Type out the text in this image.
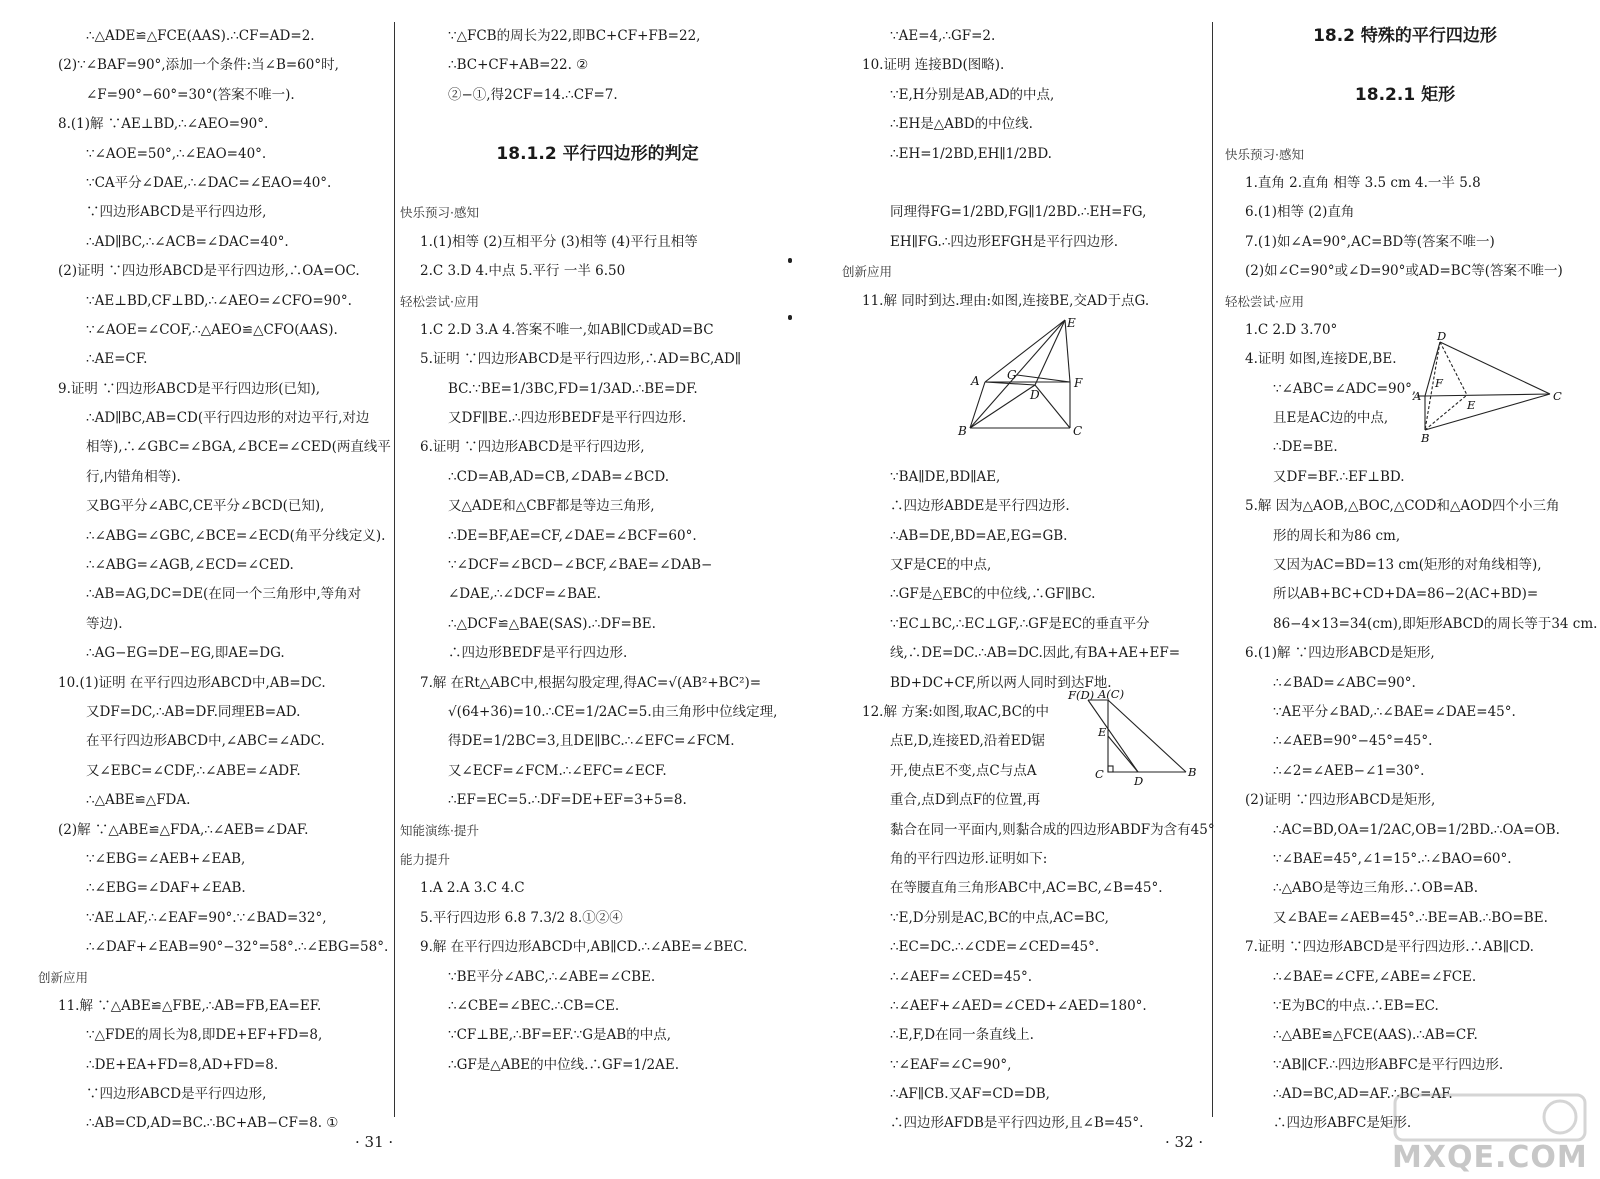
∴△ADE≌△FCE(AAS).∴CF=AD=2.
(2)∵∠BAF=90°,添加一个条件:当∠B=60°时,
∠F=90°−60°=30°(答案不唯一).
8.(1)解 ∵AE⊥BD,∴∠AEO=90°.
∵∠AOE=50°,∴∠EAO=40°.
∵CA平分∠DAE,∴∠DAC=∠EAO=40°.
∵四边形ABCD是平行四边形,
∴AD∥BC,∴∠ACB=∠DAC=40°.
(2)证明 ∵四边形ABCD是平行四边形,∴OA=OC.
∵AE⊥BD,CF⊥BD,∴∠AEO=∠CFO=90°.
∵∠AOE=∠COF,∴△AEO≌△CFO(AAS).
∴AE=CF.
9.证明 ∵四边形ABCD是平行四边形(已知),
∴AD∥BC,AB=CD(平行四边形的对边平行,对边
相等),∴∠GBC=∠BGA,∠BCE=∠CED(两直线平
行,内错角相等).
又BG平分∠ABC,CE平分∠BCD(已知),
∴∠ABG=∠GBC,∠BCE=∠ECD(角平分线定义).
∴∠ABG=∠AGB,∠ECD=∠CED.
∴AB=AG,DC=DE(在同一个三角形中,等角对
等边).
∴AG−EG=DE−EG,即AE=DG.
10.(1)证明 在平行四边形ABCD中,AB=DC.
又DF=DC,∴AB=DF.同理EB=AD.
在平行四边形ABCD中,∠ABC=∠ADC.
又∠EBC=∠CDF,∴∠ABE=∠ADF.
∴△ABE≌△FDA.
(2)解 ∵△ABE≌△FDA,∴∠AEB=∠DAF.
∵∠EBG=∠AEB+∠EAB,
∴∠EBG=∠DAF+∠EAB.
∵AE⊥AF,∴∠EAF=90°.∵∠BAD=32°,
∴∠DAF+∠EAB=90°−32°=58°.∴∠EBG=58°.
创新应用
11.解 ∵△ABE≌△FBE,∴AB=FB,EA=EF.
∵△FDE的周长为8,即DE+EF+FD=8,
∴DE+EA+FD=8,AD+FD=8.
∵四边形ABCD是平行四边形,
∴AB=CD,AD=BC.∴BC+AB−CF=8. ①
∵△FCB的周长为22,即BC+CF+FB=22,
∴BC+CF+AB=22. ②
②−①,得2CF=14.∴CF=7.
18.1.2 平行四边形的判定
快乐预习·感知
1.(1)相等 (2)互相平分 (3)相等 (4)平行且相等
2.C 3.D 4.中点 5.平行 一半 6.50
轻松尝试·应用
1.C 2.D 3.A 4.答案不唯一,如AB∥CD或AD=BC
5.证明 ∵四边形ABCD是平行四边形,∴AD=BC,AD∥
BC.∵BE=1/3BC,FD=1/3AD.∴BE=DF.
又DF∥BE.∴四边形BEDF是平行四边形.
6.证明 ∵四边形ABCD是平行四边形,
∴CD=AB,AD=CB,∠DAB=∠BCD.
又△ADE和△CBF都是等边三角形,
∴DE=BF,AE=CF,∠DAE=∠BCF=60°.
∵∠DCF=∠BCD−∠BCF,∠BAE=∠DAB−
∠DAE,∴∠DCF=∠BAE.
∴△DCF≌△BAE(SAS).∴DF=BE.
∴四边形BEDF是平行四边形.
7.解 在Rt△ABC中,根据勾股定理,得AC=√(AB²+BC²)=
√(64+36)=10.∴CE=1/2AC=5.由三角形中位线定理,
得DE=1/2BC=3,且DE∥BC.∴∠EFC=∠FCM.
又∠ECF=∠FCM.∴∠EFC=∠ECF.
∴EF=EC=5.∴DF=DE+EF=3+5=8.
知能演练·提升
能力提升
1.A 2.A 3.C 4.C
5.平行四边形 6.8 7.3/2 8.①②④
9.解 在平行四边形ABCD中,AB∥CD.∴∠ABE=∠BEC.
∵BE平分∠ABC,∴∠ABE=∠CBE.
∴∠CBE=∠BEC.∴CB=CE.
∵CF⊥BE,∴BF=EF.∵G是AB的中点,
∴GF是△ABE的中位线.∴GF=1/2AE.
∵AE=4,∴GF=2.
10.证明 连接BD(图略).
∵E,H分别是AB,AD的中点,
∴EH是△ABD的中位线.
∴EH=1/2BD,EH∥1/2BD.
同理得FG=1/2BD,FG∥1/2BD.∴EH=FG,
EH∥FG.∴四边形EFGH是平行四边形.
创新应用
11.解 同时到达.理由:如图,连接BE,交AD于点G.
∵BA∥DE,BD∥AE,
∴四边形ABDE是平行四边形.
∴AB=DE,BD=AE,EG=GB.
又F是CE的中点,
∴GF是△EBC的中位线,∴GF∥BC.
∵EC⊥BC,∴EC⊥GF,∴GF是EC的垂直平分
线,∴DE=DC.∴AB=DC.因此,有BA+AE+EF=
BD+DC+CF,所以两人同时到达F地.
12.解 方案:如图,取AC,BC的中
点E,D,连接ED,沿着ED锯
开,使点E不变,点C与点A
重合,点D到点F的位置,再
黏合在同一平面内,则黏合成的四边形ABDF为含有45°
角的平行四边形.证明如下:
在等腰直角三角形ABC中,AC=BC,∠B=45°.
∵E,D分别是AC,BC的中点,AC=BC,
∴EC=DC.∴∠CDE=∠CED=45°.
∴∠AEF=∠CED=45°.
∴∠AEF+∠AED=∠CED+∠AED=180°.
∴E,F,D在同一条直线上.
∵∠EAF=∠C=90°,
∴AF∥CB.又AF=CD=DB,
∴四边形AFDB是平行四边形,且∠B=45°.
18.2 特殊的平行四边形
18.2.1 矩形
快乐预习·感知
1.直角 2.直角 相等 3.5 cm 4.一半 5.8
6.(1)相等 (2)直角
7.(1)如∠A=90°,AC=BD等(答案不唯一)
(2)如∠C=90°或∠D=90°或AD=BC等(答案不唯一)
轻松尝试·应用
1.C 2.D 3.70°
4.证明 如图,连接DE,BE.
∵∠ABC=∠ADC=90°,
且E是AC边的中点,
∴DE=BE.
又DF=BF.∴EF⊥BD.
5.解 因为△AOB,△BOC,△COD和△AOD四个小三角
形的周长和为86 cm,
又因为AC=BD=13 cm(矩形的对角线相等),
所以AB+BC+CD+DA=86−2(AC+BD)=
86−4×13=34(cm),即矩形ABCD的周长等于34 cm.
6.(1)解 ∵四边形ABCD是矩形,
∴∠BAD=∠ABC=90°.
∵AE平分∠BAD,∴∠BAE=∠DAE=45°.
∴∠AEB=90°−45°=45°.
∴∠2=∠AEB−∠1=30°.
(2)证明 ∵四边形ABCD是矩形,
∴AC=BD,OA=1/2AC,OB=1/2BD.∴OA=OB.
∵∠BAE=45°,∠1=15°.∴∠BAO=60°.
∴△ABO是等边三角形.∴OB=AB.
又∠BAE=∠AEB=45°.∴BE=AB.∴BO=BE.
7.证明 ∵四边形ABCD是平行四边形.∴AB∥CD.
∴∠BAE=∠CFE,∠ABE=∠FCE.
∵E为BC的中点.∴EB=EC.
∴△ABE≌△FCE(AAS).∴AB=CF.
∵AB∥CF.∴四边形ABFC是平行四边形.
∴AD=BC,AD=AF.∴BC=AF.
∴四边形ABFC是矩形.
E
A G
F
D
B	C
F(D) A(C)
E
C	D
B
D
A
F
E
C
B
· 31 ·	· 32 ·	MXQE.COM
